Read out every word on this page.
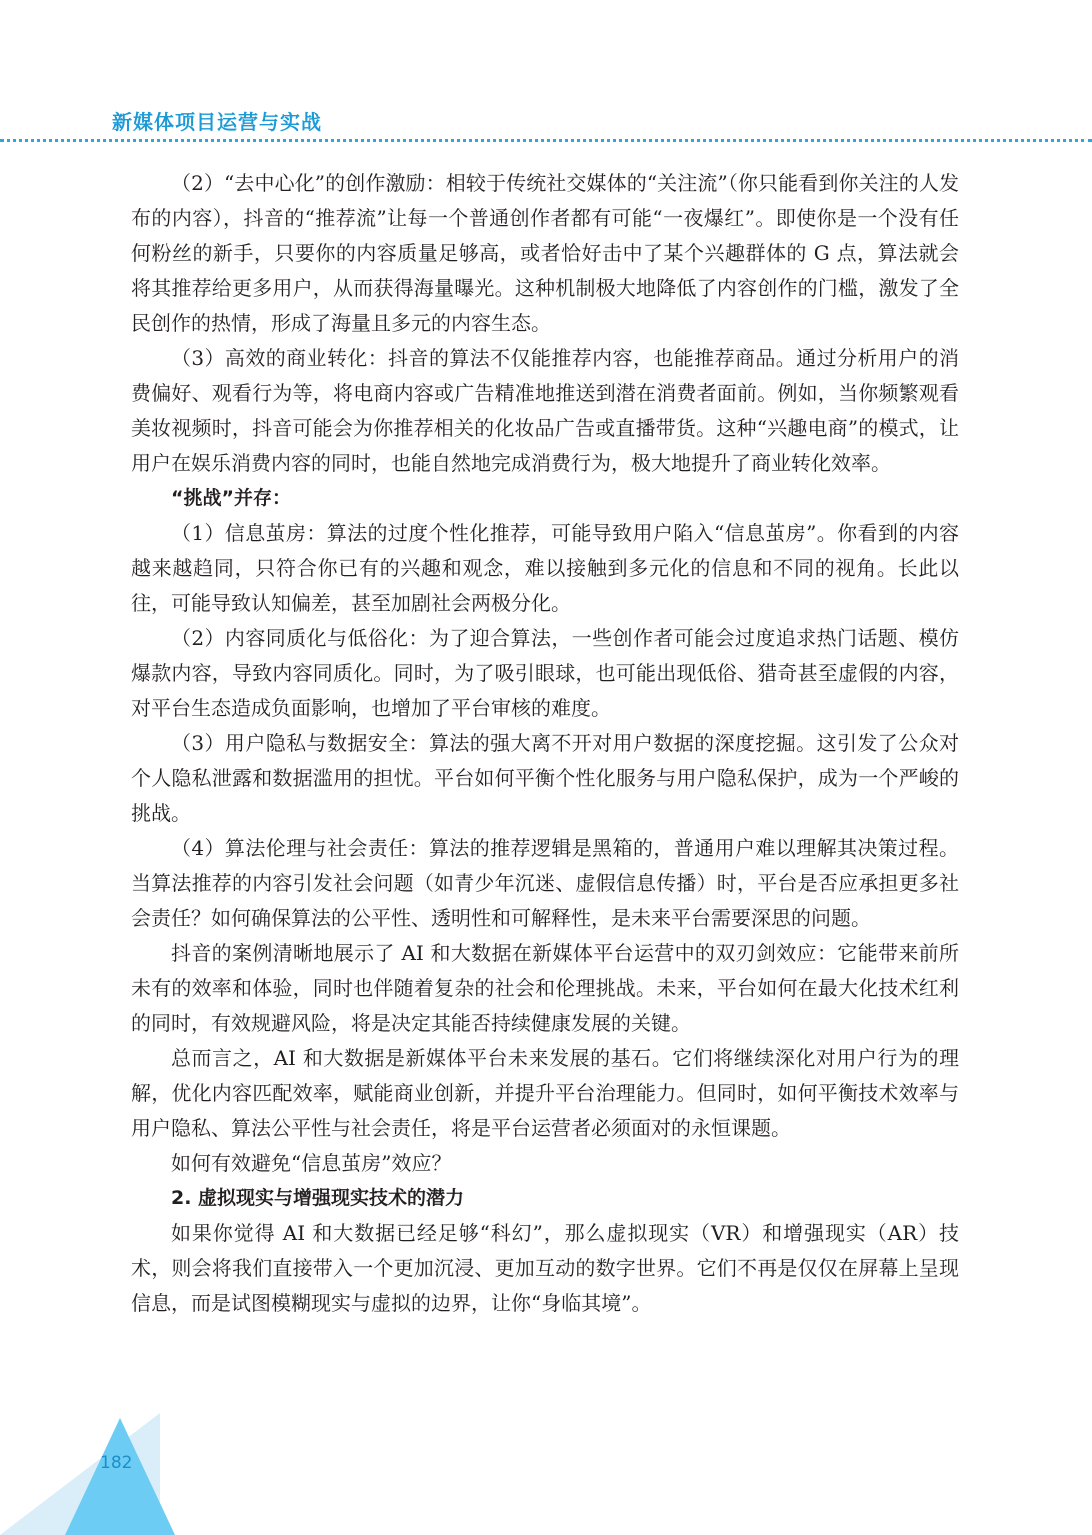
新媒体项目运营与实战

（2）“去中心化”的创作激励：相较于传统社交媒体的“关注流”（你只能看到你关注的人发布的内容），抖音的“推荐流”让每一个普通创作者都有可能“一夜爆红”。即使你是一个没有任何粉丝的新手，只要你的内容质量足够高，或者恰好击中了某个兴趣群体的 G 点，算法就会将其推荐给更多用户，从而获得海量曝光。这种机制极大地降低了内容创作的门槛，激发了全民创作的热情，形成了海量且多元的内容生态。

（3）高效的商业转化：抖音的算法不仅能推荐内容，也能推荐商品。通过分析用户的消费偏好、观看行为等，将电商内容或广告精准地推送到潜在消费者面前。例如，当你频繁观看美妆视频时，抖音可能会为你推荐相关的化妆品广告或直播带货。这种“兴趣电商”的模式，让用户在娱乐消费内容的同时，也能自然地完成消费行为，极大地提升了商业转化效率。

“挑战”并存：

（1）信息茧房：算法的过度个性化推荐，可能导致用户陷入“信息茧房”。你看到的内容越来越趋同，只符合你已有的兴趣和观念，难以接触到多元化的信息和不同的视角。长此以往，可能导致认知偏差，甚至加剧社会两极分化。

（2）内容同质化与低俗化：为了迎合算法，一些创作者可能会过度追求热门话题、模仿爆款内容，导致内容同质化。同时，为了吸引眼球，也可能出现低俗、猎奇甚至虚假的内容，对平台生态造成负面影响，也增加了平台审核的难度。

（3）用户隐私与数据安全：算法的强大离不开对用户数据的深度挖掘。这引发了公众对个人隐私泄露和数据滥用的担忧。平台如何平衡个性化服务与用户隐私保护，成为一个严峻的挑战。

（4）算法伦理与社会责任：算法的推荐逻辑是黑箱的，普通用户难以理解其决策过程。当算法推荐的内容引发社会问题（如青少年沉迷、虚假信息传播）时，平台是否应承担更多社会责任？如何确保算法的公平性、透明性和可解释性，是未来平台需要深思的问题。

抖音的案例清晰地展示了 AI 和大数据在新媒体平台运营中的双刃剑效应：它能带来前所未有的效率和体验，同时也伴随着复杂的社会和伦理挑战。未来，平台如何在最大化技术红利的同时，有效规避风险，将是决定其能否持续健康发展的关键。

总而言之，AI 和大数据是新媒体平台未来发展的基石。它们将继续深化对用户行为的理解，优化内容匹配效率，赋能商业创新，并提升平台治理能力。但同时，如何平衡技术效率与用户隐私、算法公平性与社会责任，将是平台运营者必须面对的永恒课题。

如何有效避免“信息茧房”效应？

2. 虚拟现实与增强现实技术的潜力

如果你觉得 AI 和大数据已经足够“科幻”，那么虚拟现实（VR）和增强现实（AR）技术，则会将我们直接带入一个更加沉浸、更加互动的数字世界。它们不再是仅仅在屏幕上呈现信息，而是试图模糊现实与虚拟的边界，让你“身临其境”。

182
